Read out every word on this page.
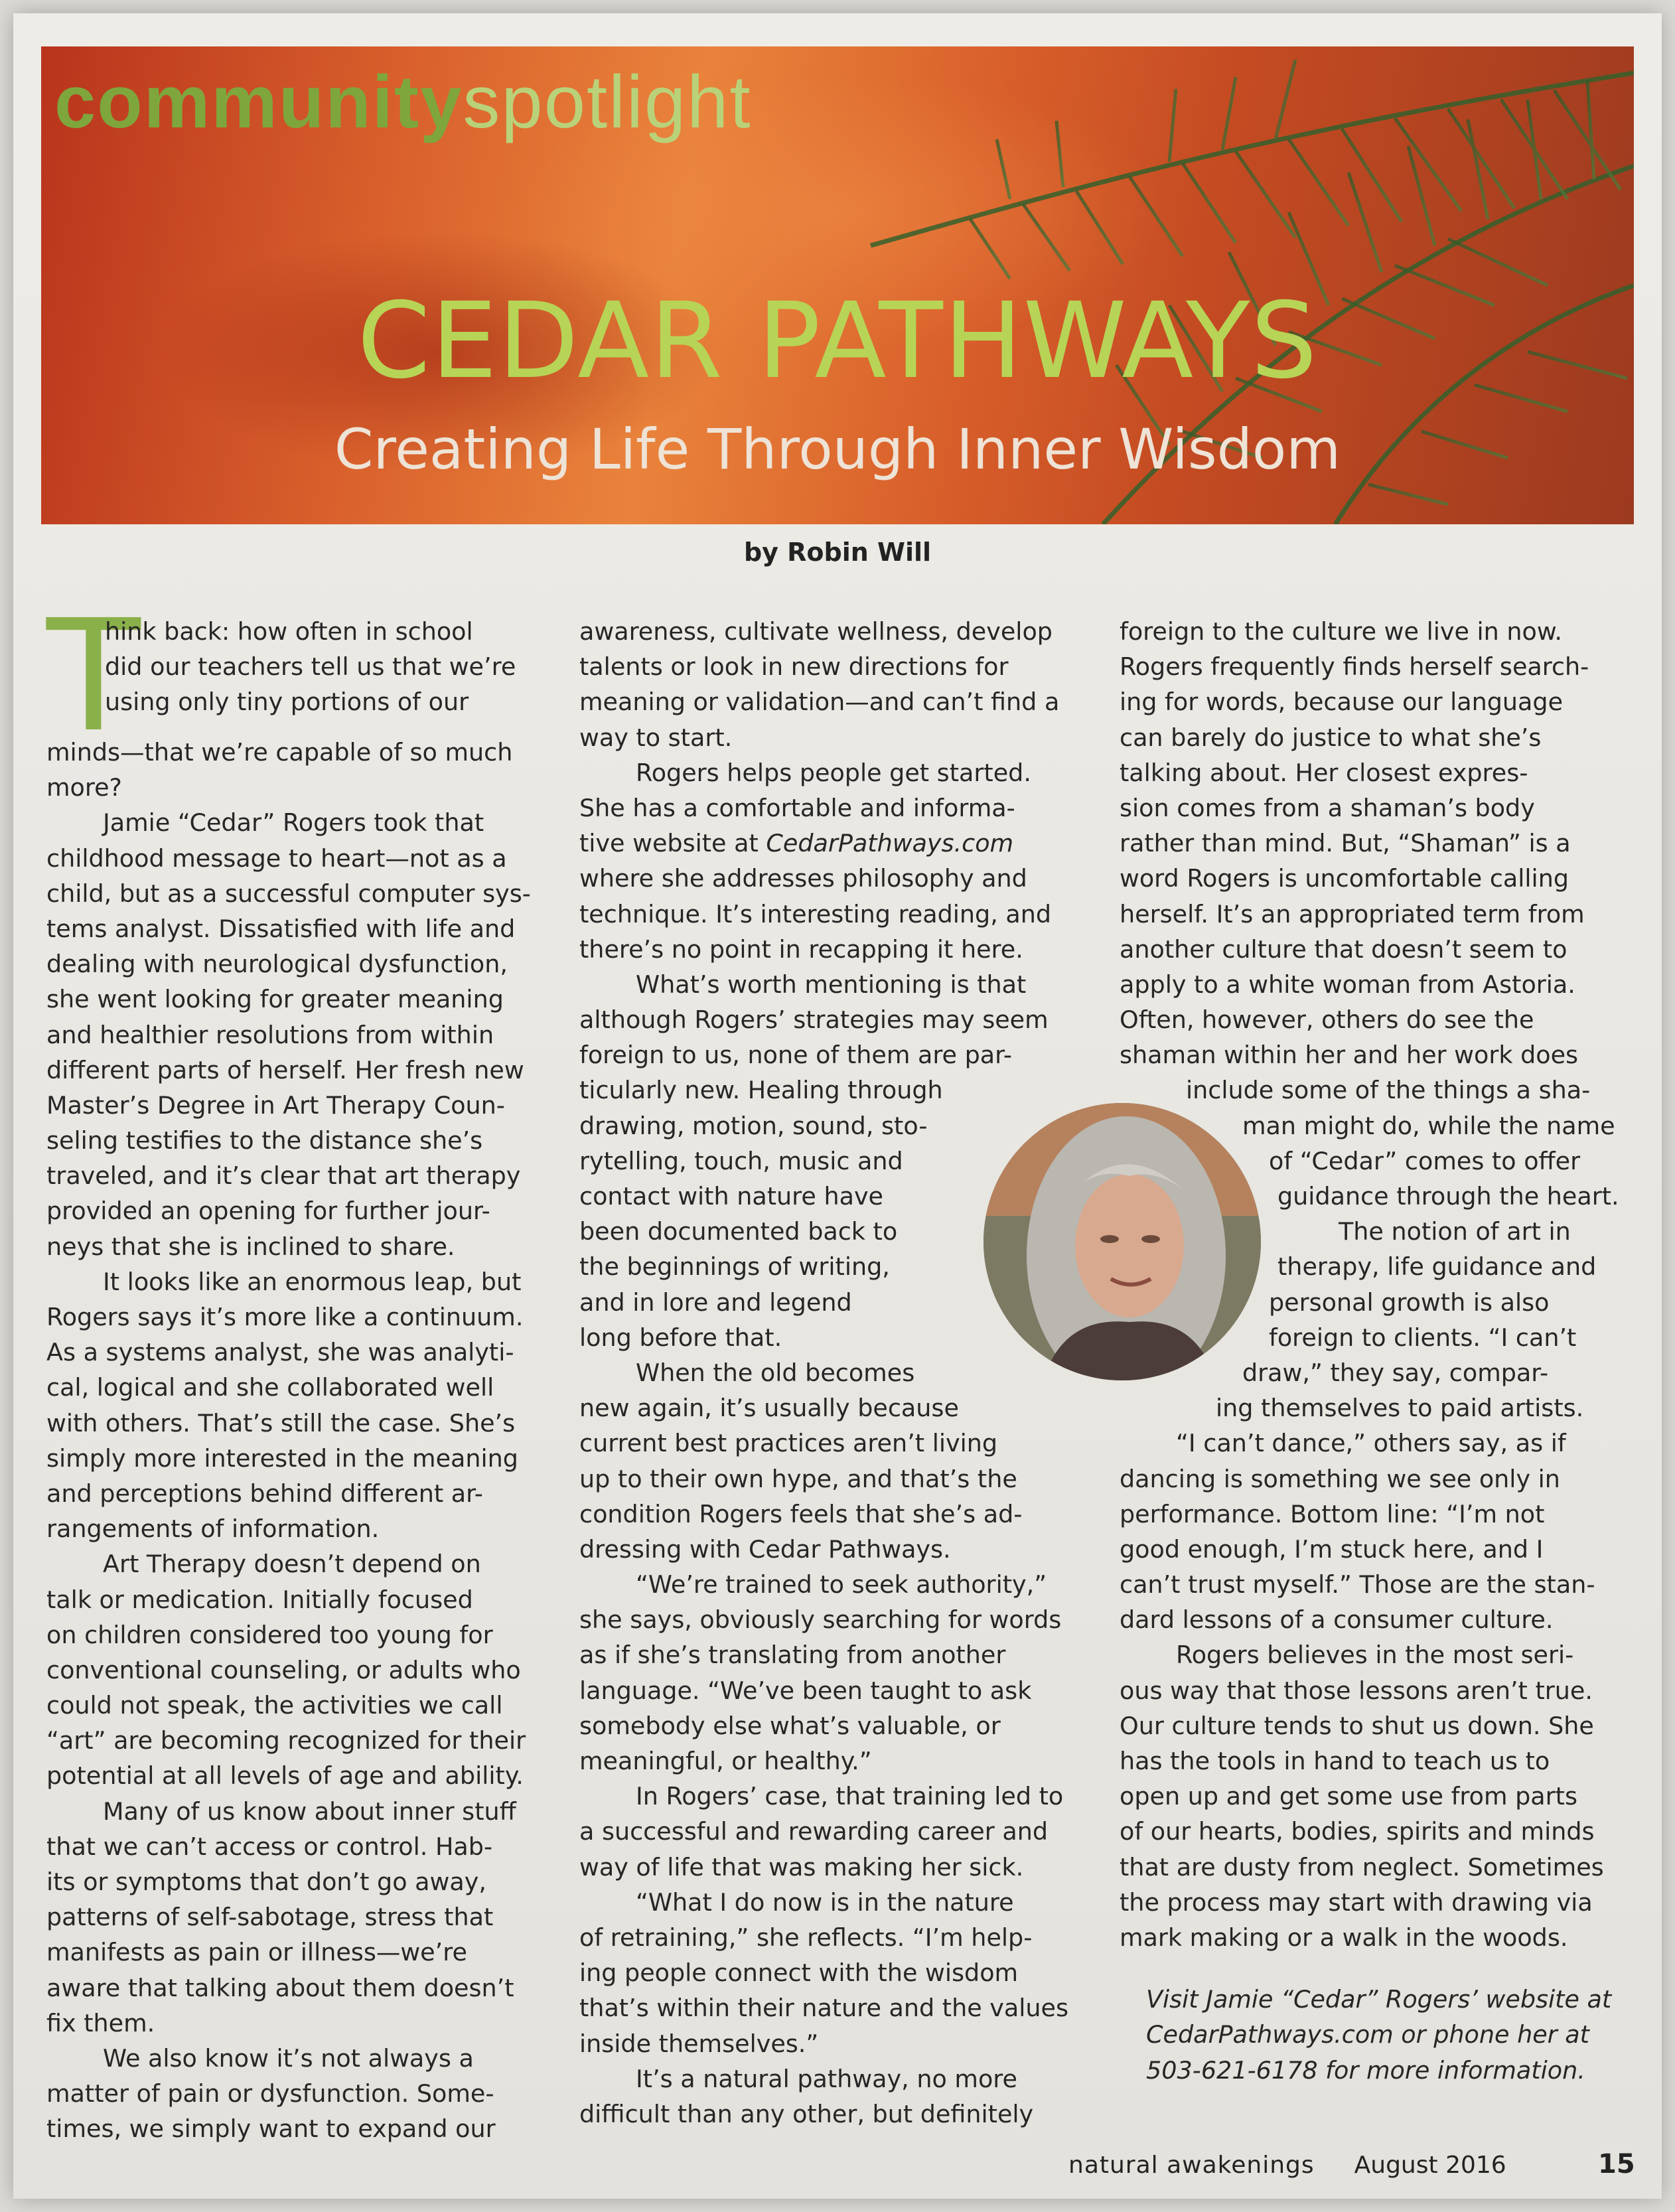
communityspotlight
CEDAR PATHWAYS
Creating Life Through Inner Wisdom
by Robin Will
T
hink back: how often in school
did our teachers tell us that we’re
using only tiny portions of our
minds—that we’re capable of so much
more?
Jamie “Cedar” Rogers took that
childhood message to heart—not as a
child, but as a successful computer sys-
tems analyst. Dissatisfied with life and
dealing with neurological dysfunction,
she went looking for greater meaning
and healthier resolutions from within
different parts of herself. Her fresh new
Master’s Degree in Art Therapy Coun-
seling testifies to the distance she’s
traveled, and it’s clear that art therapy
provided an opening for further jour-
neys that she is inclined to share.
It looks like an enormous leap, but
Rogers says it’s more like a continuum.
As a systems analyst, she was analyti-
cal, logical and she collaborated well
with others. That’s still the case. She’s
simply more interested in the meaning
and perceptions behind different ar-
rangements of information.
Art Therapy doesn’t depend on
talk or medication. Initially focused
on children considered too young for
conventional counseling, or adults who
could not speak, the activities we call
“art” are becoming recognized for their
potential at all levels of age and ability.
Many of us know about inner stuff
that we can’t access or control. Hab-
its or symptoms that don’t go away,
patterns of self-sabotage, stress that
manifests as pain or illness—we’re
aware that talking about them doesn’t
fix them.
We also know it’s not always a
matter of pain or dysfunction. Some-
times, we simply want to expand our
awareness, cultivate wellness, develop
talents or look in new directions for
meaning or validation—and can’t find a
way to start.
Rogers helps people get started.
She has a comfortable and informa-
tive website at CedarPathways.com
where she addresses philosophy and
technique. It’s interesting reading, and
there’s no point in recapping it here.
What’s worth mentioning is that
although Rogers’ strategies may seem
foreign to us, none of them are par-
ticularly new. Healing through
drawing, motion, sound, sto-
rytelling, touch, music and
contact with nature have
been documented back to
the beginnings of writing,
and in lore and legend
long before that.
When the old becomes
new again, it’s usually because
current best practices aren’t living
up to their own hype, and that’s the
condition Rogers feels that she’s ad-
dressing with Cedar Pathways.
“We’re trained to seek authority,”
she says, obviously searching for words
as if she’s translating from another
language. “We’ve been taught to ask
somebody else what’s valuable, or
meaningful, or healthy.”
In Rogers’ case, that training led to
a successful and rewarding career and
way of life that was making her sick.
“What I do now is in the nature
of retraining,” she reflects. “I’m help-
ing people connect with the wisdom
that’s within their nature and the values
inside themselves.”
It’s a natural pathway, no more
difficult than any other, but definitely
foreign to the culture we live in now.
Rogers frequently finds herself search-
ing for words, because our language
can barely do justice to what she’s
talking about. Her closest expres-
sion comes from a shaman’s body
rather than mind. But, “Shaman” is a
word Rogers is uncomfortable calling
herself. It’s an appropriated term from
another culture that doesn’t seem to
apply to a white woman from Astoria.
Often, however, others do see the
shaman within her and her work does
include some of the things a sha-
man might do, while the name
of “Cedar” comes to offer
guidance through the heart.
The notion of art in
therapy, life guidance and
personal growth is also
foreign to clients. “I can’t
draw,” they say, compar-
ing themselves to paid artists.
“I can’t dance,” others say, as if
dancing is something we see only in
performance. Bottom line: “I’m not
good enough, I’m stuck here, and I
can’t trust myself.” Those are the stan-
dard lessons of a consumer culture.
Rogers believes in the most seri-
ous way that those lessons aren’t true.
Our culture tends to shut us down. She
has the tools in hand to teach us to
open up and get some use from parts
of our hearts, bodies, spirits and minds
that are dusty from neglect. Sometimes
the process may start with drawing via
mark making or a walk in the woods.
Visit Jamie “Cedar” Rogers’ website at
CedarPathways.com or phone her at
503-621-6178 for more information.
natural awakenings August 2016	15
